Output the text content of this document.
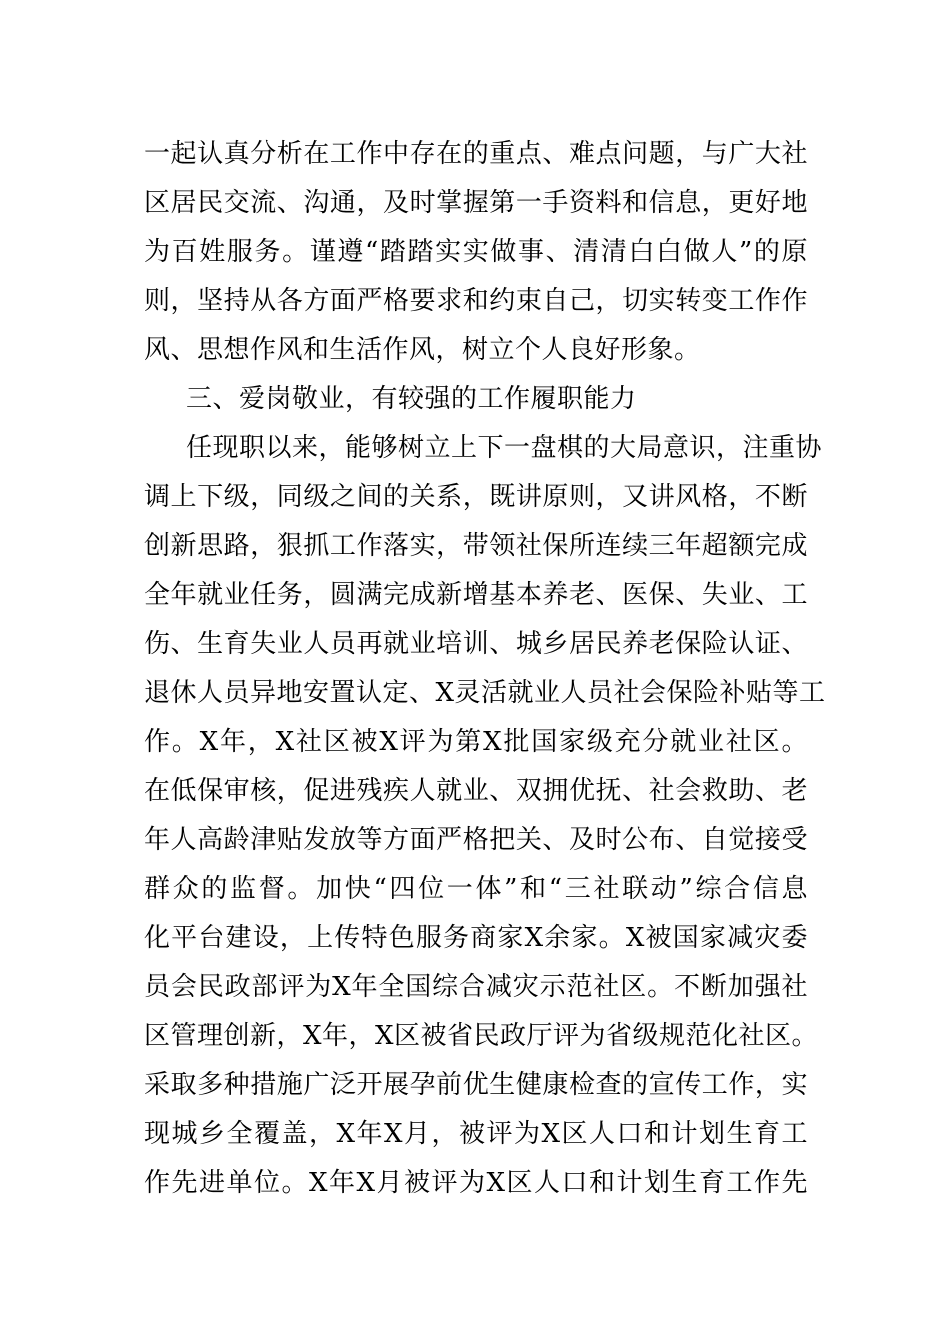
一起认真分析在工作中存在的重点、难点问题，与广大社
区居民交流、沟通，及时掌握第一手资料和信息，更好地
为百姓服务。谨遵“踏踏实实做事、清清白白做人”的原
则，坚持从各方面严格要求和约束自己，切实转变工作作
风、思想作风和生活作风，树立个人良好形象。
三、爱岗敬业，有较强的工作履职能力
任现职以来，能够树立上下一盘棋的大局意识，注重协
调上下级，同级之间的关系，既讲原则，又讲风格，不断
创新思路，狠抓工作落实，带领社保所连续三年超额完成
全年就业任务，圆满完成新增基本养老、医保、失业、工
伤、生育失业人员再就业培训、城乡居民养老保险认证、
退休人员异地安置认定、X灵活就业人员社会保险补贴等工
作。X年，X社区被X评为第X批国家级充分就业社区。
在低保审核，促进残疾人就业、双拥优抚、社会救助、老
年人高龄津贴发放等方面严格把关、及时公布、自觉接受
群众的监督。加快“四位一体”和“三社联动”综合信息
化平台建设，上传特色服务商家X余家。X被国家减灾委
员会民政部评为X年全国综合减灾示范社区。不断加强社
区管理创新，X年，X区被省民政厅评为省级规范化社区。
采取多种措施广泛开展孕前优生健康检查的宣传工作，实
现城乡全覆盖，X年X月，被评为X区人口和计划生育工
作先进单位。X年X月被评为X区人口和计划生育工作先
